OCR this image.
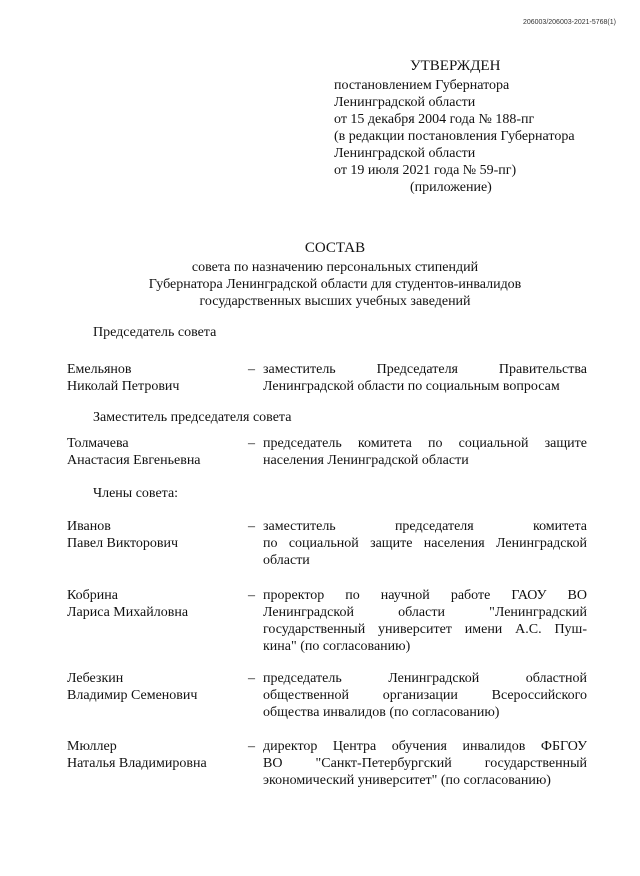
206003/206003-2021-5768(1)
УТВЕРЖДЕН
постановлением Губернатора
Ленинградской области
от 15 декабря 2004 года № 188-пг
(в редакции постановления Губернатора
Ленинградской области
от 19 июля 2021 года № 59-пг)
(приложение)
СОСТАВ
совета по назначению персональных стипендий
Губернатора Ленинградской области для студентов-инвалидов
государственных высших учебных заведений
Председатель совета
Емельянов
Николай Петрович
– заместитель Председателя Правительства
Ленинградской области по социальным вопросам
Заместитель председателя совета
Толмачева
Анастасия Евгеньевна
– председатель комитета по социальной защите
населения Ленинградской области
Члены совета:
Иванов
Павел Викторович
– заместитель председателя комитета
по социальной защите населения Ленинградской
области
Кобрина
Лариса Михайловна
– проректор по научной работе ГАОУ ВО
Ленинградской области "Ленинградский
государственный университет имени А.С. Пуш-
кина" (по согласованию)
Лебезкин
Владимир Семенович
– председатель Ленинградской областной
общественной организации Всероссийского
общества инвалидов (по согласованию)
Мюллер
Наталья Владимировна
– директор Центра обучения инвалидов ФБГОУ
ВО "Санкт-Петербургский государственный
экономический университет" (по согласованию)
